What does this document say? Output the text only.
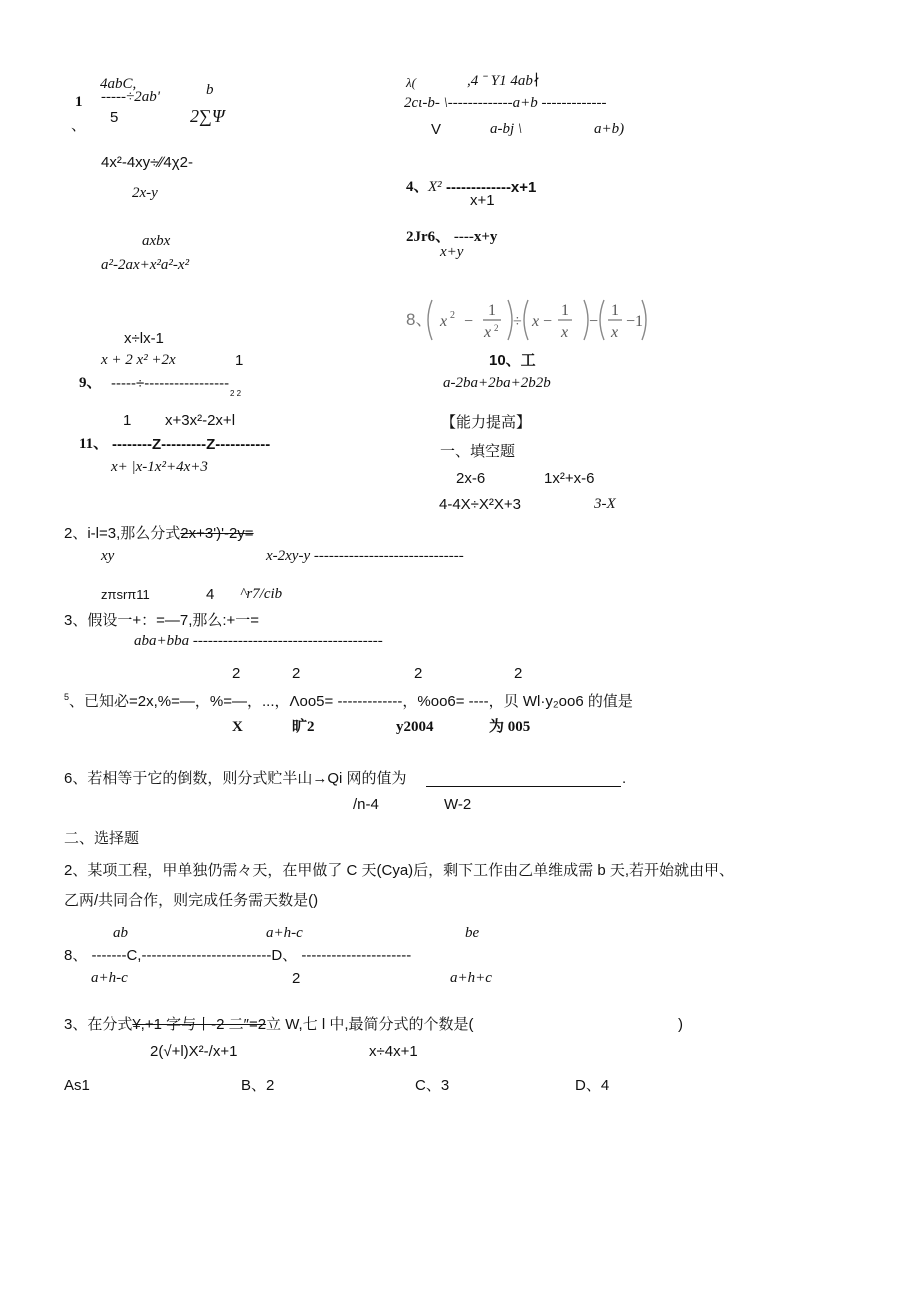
4abC,	b
1 -----÷2ab'
5	2∑Ψ
、
4x²-4xy÷∕∕4χ2-
2x-y
axbx
a²-2ax+x²a²-x²
x÷lx-1
x + 2 x² +2x	1
9、 -----÷-----------------
2 2
1 x+3x²-2x+l
11、 --------Z---------Z-----------
x+ |x-1x²+4x+3
λ(	,4 ˉ Y1 4ab∤
2cι-b- \-------------a+b -------------
V	a-bj \	a+b)
4、 X² -------------x+1
x+1
2Jr6、 ----x+y
x+y
8、 x 2 −
1
x 2 ÷ x −
1
x
−
1
x
− 1
10、工
a-2ba+2ba+2b2b
【能力提高】
一、填空题
2x-6	1x²+x-6
4-4X÷X²X+3	3-X
2、i-l=3,那么分式2x+3')'-2y=
xy	x-2xy-y ------------------------------
zπsrπ11	4 ^r7/cib
3、假设一+：=—7,那么:+一=
aba+bba --------------------------------------
2	2	2	2
$^5$、已知必=2x,%=—，%=—，...，Λoo5= -------------，%oo6= ----，贝 Wl·y₂oo6 的值是
X	旷2	y2004	为 005
6、若相等于它的倒数，则分式贮半山→Qi 网的值为	.
/n-4	W-2
二、选择题
2、某项工程，甲单独仍需々天，在甲做了 C 天(Cya)后，剩下工作由乙单维成需 b 天,若开始就由甲、
乙两/共同合作，则完成任务需天数是()
ab	a+h-c	be
8、 -------C,--------------------------D、 ----------------------
a+h-c	2	a+h+c
3、在分式¥,+1 字与丨-2 二″=2立 W,七 l 中,最简分式的个数是(	)
2(√+l)X²-/x+1	x÷4x+1
As1	B、2	C、3	D、4
